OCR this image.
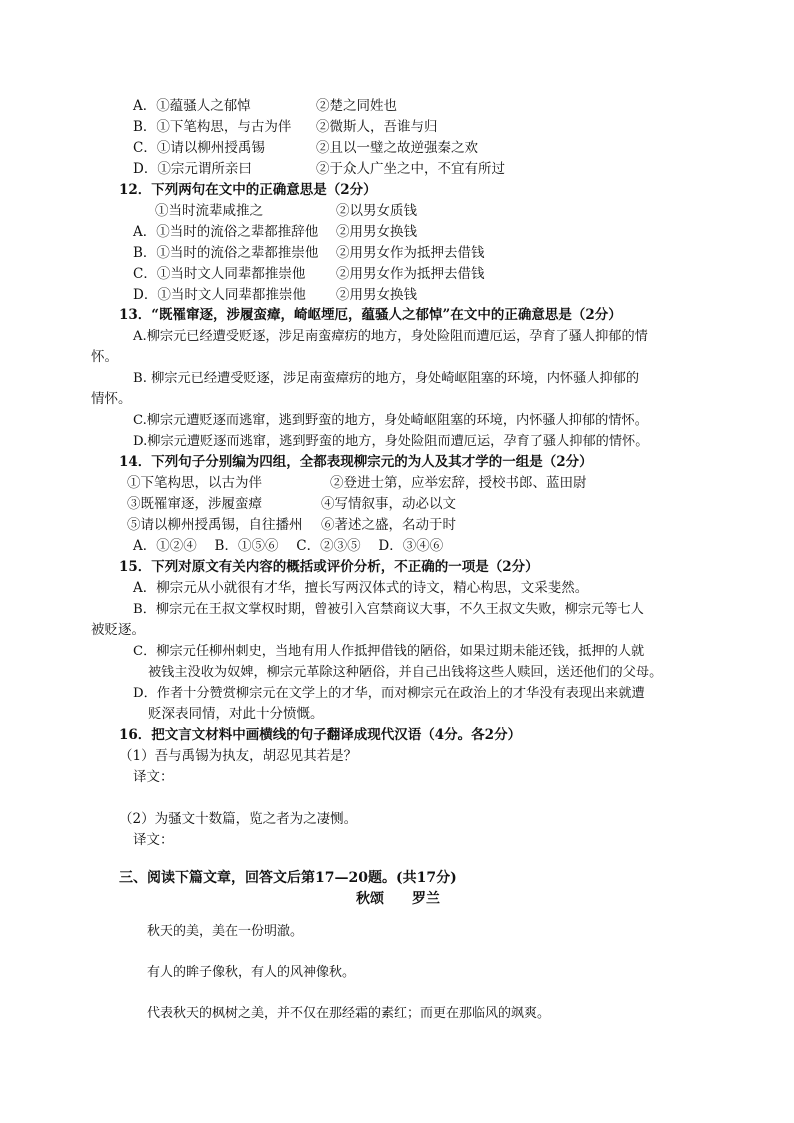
A．①蕴骚人之郁悼	②楚之同姓也
B．①下笔构思，与古为伴 ②微斯人，吾谁与归
C．①请以柳州授禹锡	②且以一璧之故逆强秦之欢
D．①宗元谓所亲曰	②于众人广坐之中，不宜有所过
12．下列两句在文中的正确意思是（2分）
①当时流辈咸推之	②以男女质钱
A．①当时的流俗之辈都推辞他 ②用男女换钱
B．①当时的流俗之辈都推崇他 ②用男女作为抵押去借钱
C．①当时文人同辈都推崇他 ②用男女作为抵押去借钱
D．①当时文人同辈都推崇他 ②用男女换钱
13．“既罹窜逐，涉履蛮瘴，崎岖堙厄，蕴骚人之郁悼”在文中的正确意思是（2分）
A.柳宗元已经遭受贬逐，涉足南蛮瘴疠的地方，身处险阻而遭厄运，孕育了骚人抑郁的情
怀。
B. 柳宗元已经遭受贬逐，涉足南蛮瘴疠的地方，身处崎岖阻塞的环境，内怀骚人抑郁的
情怀。
C.柳宗元遭贬逐而逃窜，逃到野蛮的地方，身处崎岖阻塞的环境，内怀骚人抑郁的情怀。
D.柳宗元遭贬逐而逃窜，逃到野蛮的地方，身处险阻而遭厄运，孕育了骚人抑郁的情怀。
14．下列句子分别编为四组，全都表现柳宗元的为人及其才学的一组是（2分）
①下笔构思，以古为伴	②登进士第，应举宏辞，授校书郎、蓝田尉
③既罹窜逐，涉履蛮瘴	④写情叙事，动必以文
⑤请以柳州授禹锡，自往播州 ⑥著述之盛，名动于时
A．①②④　 B．①⑤⑥　 C．②③⑤　 D．③④⑥
15．下列对原文有关内容的概括或评价分析，不正确的一项是（2分）
A．柳宗元从小就很有才华，擅长写两汉体式的诗文，精心构思，文采斐然。
B．柳宗元在王叔文掌权时期，曾被引入宫禁商议大事，不久王叔文失败，柳宗元等七人
被贬逐。
C．柳宗元任柳州刺史，当地有用人作抵押借钱的陋俗，如果过期未能还钱，抵押的人就
被钱主没收为奴婢，柳宗元革除这种陋俗，并自己出钱将这些人赎回，送还他们的父母。
D．作者十分赞赏柳宗元在文学上的才华，而对柳宗元在政治上的才华没有表现出来就遭
贬深表同情，对此十分愤慨。
16．把文言文材料中画横线的句子翻译成现代汉语（4分。各2分）
（1）吾与禹锡为执友，胡忍见其若是？
译文：
（2）为骚文十数篇，览之者为之凄恻。
译文：
三、阅读下篇文章，回答文后第17—20题。(共17分)
秋颂　　罗兰
秋天的美，美在一份明澈。
有人的眸子像秋，有人的风神像秋。
代表秋天的枫树之美，并不仅在那经霜的素红；而更在那临风的飒爽。
